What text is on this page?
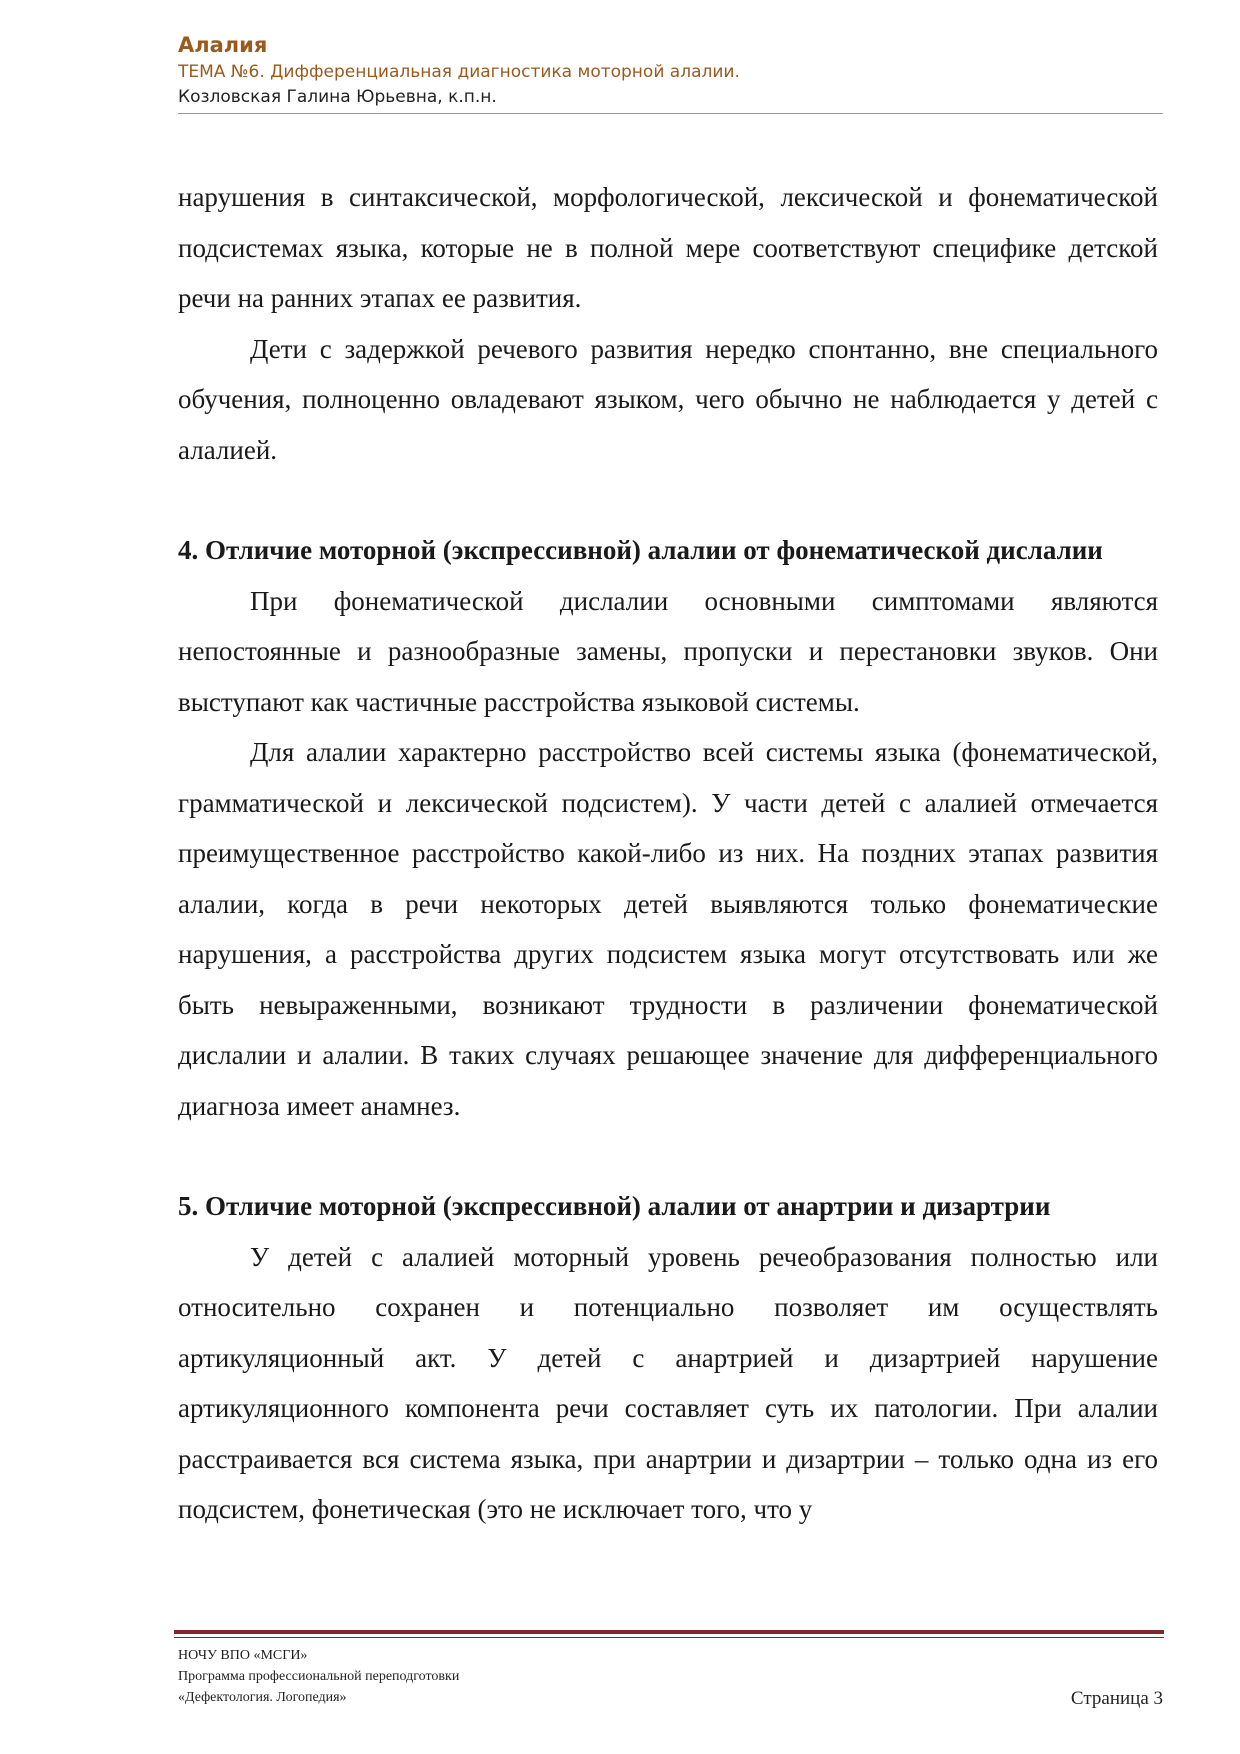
Алалия
ТЕМА №6. Дифференциальная диагностика моторной алалии.
Козловская Галина Юрьевна, к.п.н.

нарушения в синтаксической, морфологической, лексической и фонематической подсистемах языка, которые не в полной мере соответствуют специфике детской речи на ранних этапах ее развития.

Дети с задержкой речевого развития нередко спонтанно, вне специального обучения, полноценно овладевают языком, чего обычно не наблюдается у детей с алалией.

4. Отличие моторной (экспрессивной) алалии от фонематической дислалии

При фонематической дислалии основными симптомами являются непостоянные и разнообразные замены, пропуски и перестановки звуков. Они выступают как частичные расстройства языковой системы.

Для алалии характерно расстройство всей системы языка (фонематической, грамматической и лексической подсистем). У части детей с алалией отмечается преимущественное расстройство какой-либо из них. На поздних этапах развития алалии, когда в речи некоторых детей выявляются только фонематические нарушения, а расстройства других подсистем языка могут отсутствовать или же быть невыраженными, возникают трудности в различении фонематической дислалии и алалии. В таких случаях решающее значение для дифференциального диагноза имеет анамнез.

5. Отличие моторной (экспрессивной) алалии от анартрии и дизартрии

У детей с алалией моторный уровень речеобразования полностью или относительно сохранен и потенциально позволяет им осуществлять артикуляционный акт. У детей с анартрией и дизартрией нарушение артикуляционного компонента речи составляет суть их патологии. При алалии расстраивается вся система языка, при анартрии и дизартрии – только одна из его подсистем, фонетическая (это не исключает того, что у

НОЧУ ВПО «МСГИ»
Программа профессиональной переподготовки
«Дефектология. Логопедия»	Страница 3
